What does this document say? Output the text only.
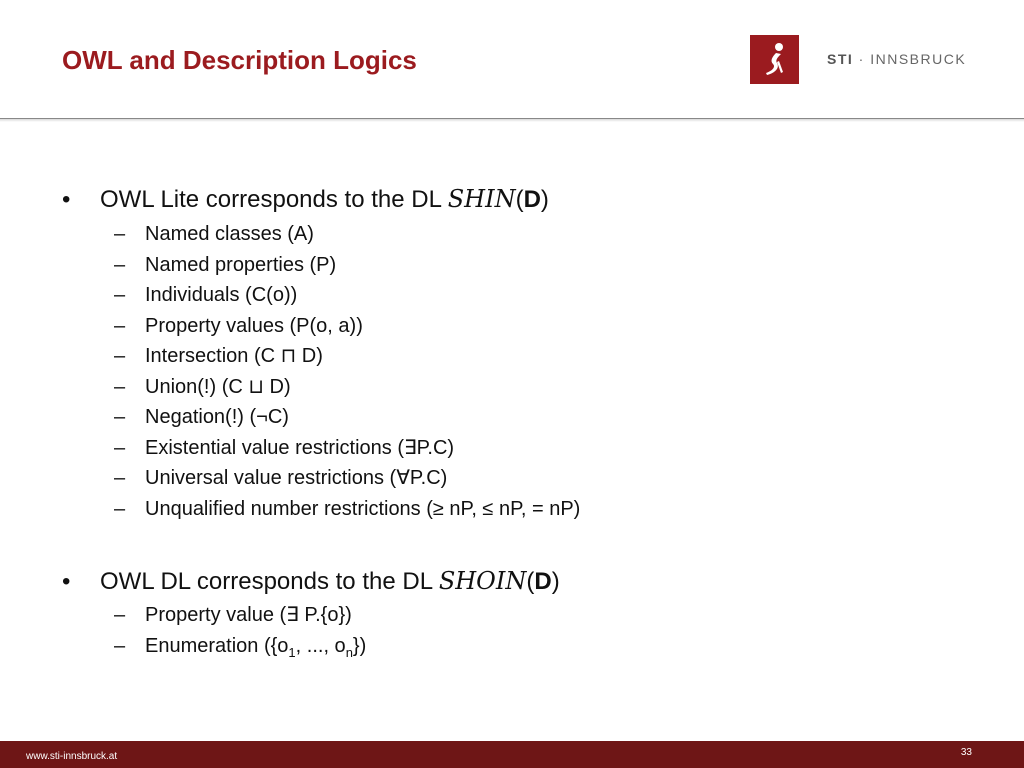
OWL and Description Logics	STI · INNSBRUCK
• OWL Lite corresponds to the DL SHIN(D)
– Named classes (A)
– Named properties (P)
– Individuals (C(o))
– Property values (P(o, a))
– Intersection (C ⊓ D)
– Union(!) (C ⊔ D)
– Negation(!) (¬C)
– Existential value restrictions (∃P.C)
– Universal value restrictions (∀P.C)
– Unqualified number restrictions (≥ nP, ≤ nP, = nP)
• OWL DL corresponds to the DL SHOIN(D)
– Property value (∃ P.{o})
– Enumeration ({$o_1$, ..., $o_n$})
www.sti-innsbruck.at	33
